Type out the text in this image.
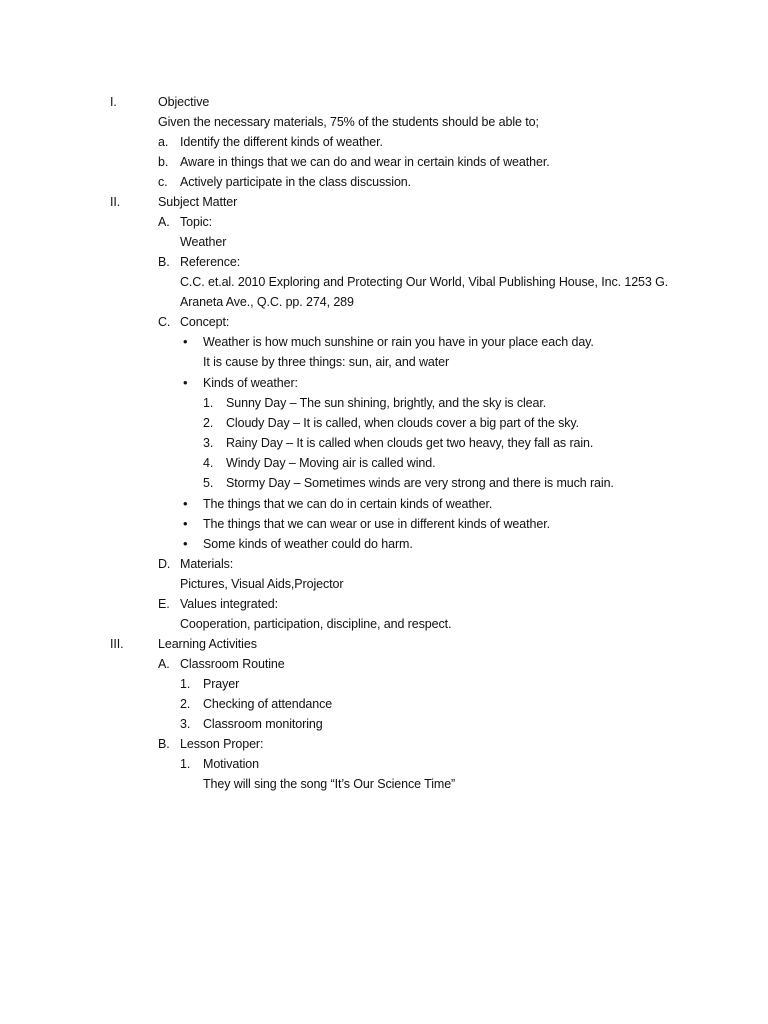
I.	Objective
Given the necessary materials, 75% of the students should be able to;
a. Identify the different kinds of weather.
b. Aware in things that we can do and wear in certain kinds of weather.
c. Actively participate in the class discussion.
II.	Subject Matter
A. Topic:
Weather
B. Reference:
C.C. et.al. 2010 Exploring and Protecting Our World, Vibal Publishing House, Inc. 1253 G.
Araneta Ave., Q.C. pp. 274, 289
C. Concept:
• Weather is how much sunshine or rain you have in your place each day.
It is cause by three things: sun, air, and water
• Kinds of weather:
1. Sunny Day – The sun shining, brightly, and the sky is clear.
2. Cloudy Day – It is called, when clouds cover a big part of the sky.
3. Rainy Day – It is called when clouds get two heavy, they fall as rain.
4. Windy Day – Moving air is called wind.
5. Stormy Day – Sometimes winds are very strong and there is much rain.
• The things that we can do in certain kinds of weather.
• The things that we can wear or use in different kinds of weather.
• Some kinds of weather could do harm.
D. Materials:
Pictures, Visual Aids,Projector
E. Values integrated:
Cooperation, participation, discipline, and respect.
III.	Learning Activities
A. Classroom Routine
1. Prayer
2. Checking of attendance
3. Classroom monitoring
B. Lesson Proper:
1. Motivation
They will sing the song “It’s Our Science Time”
